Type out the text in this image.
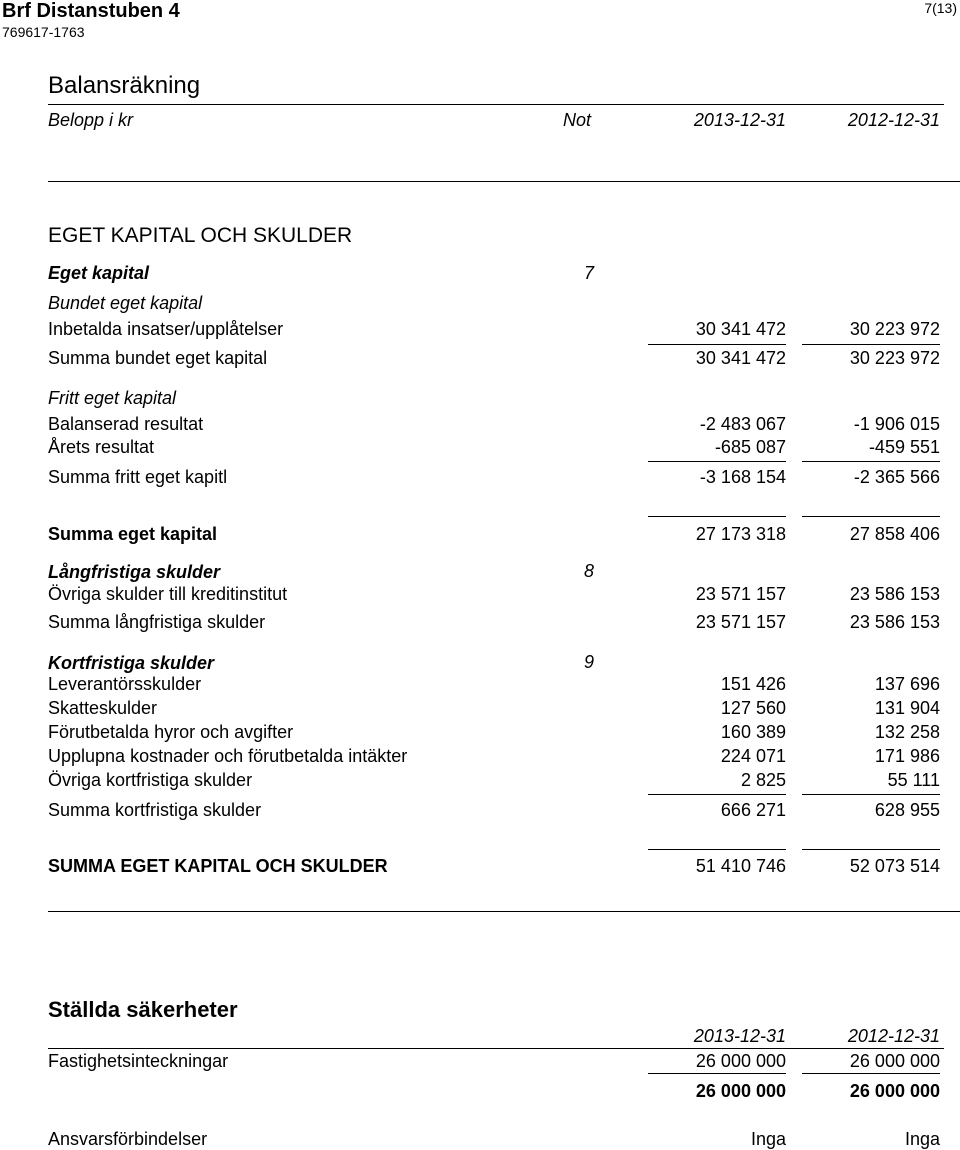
Brf Distanstuben 4
769617-1763
7(13)
Balansräkning
Belopp i kr	Not	2013-12-31	2012-12-31
EGET KAPITAL OCH SKULDER
Eget kapital	7
Bundet eget kapital
Inbetalda insatser/upplåtelser	30 341 472	30 223 972
Summa bundet eget kapital	30 341 472	30 223 972
Fritt eget kapital
Balanserad resultat	-2 483 067	-1 906 015
Årets resultat	-685 087	-459 551
Summa fritt eget kapitl	-3 168 154	-2 365 566
Summa eget kapital	27 173 318	27 858 406
Långfristiga skulder	8
Övriga skulder till kreditinstitut	23 571 157	23 586 153
Summa långfristiga skulder	23 571 157	23 586 153
Kortfristiga skulder	9
Leverantörsskulder	151 426	137 696
Skatteskulder	127 560	131 904
Förutbetalda hyror och avgifter	160 389	132 258
Upplupna kostnader och förutbetalda intäkter	224 071	171 986
Övriga kortfristiga skulder	2 825	55 111
Summa kortfristiga skulder	666 271	628 955
SUMMA EGET KAPITAL OCH SKULDER	51 410 746	52 073 514
Ställda säkerheter
2013-12-31	2012-12-31
Fastighetsinteckningar	26 000 000	26 000 000
26 000 000	26 000 000
Ansvarsförbindelser	Inga	Inga
